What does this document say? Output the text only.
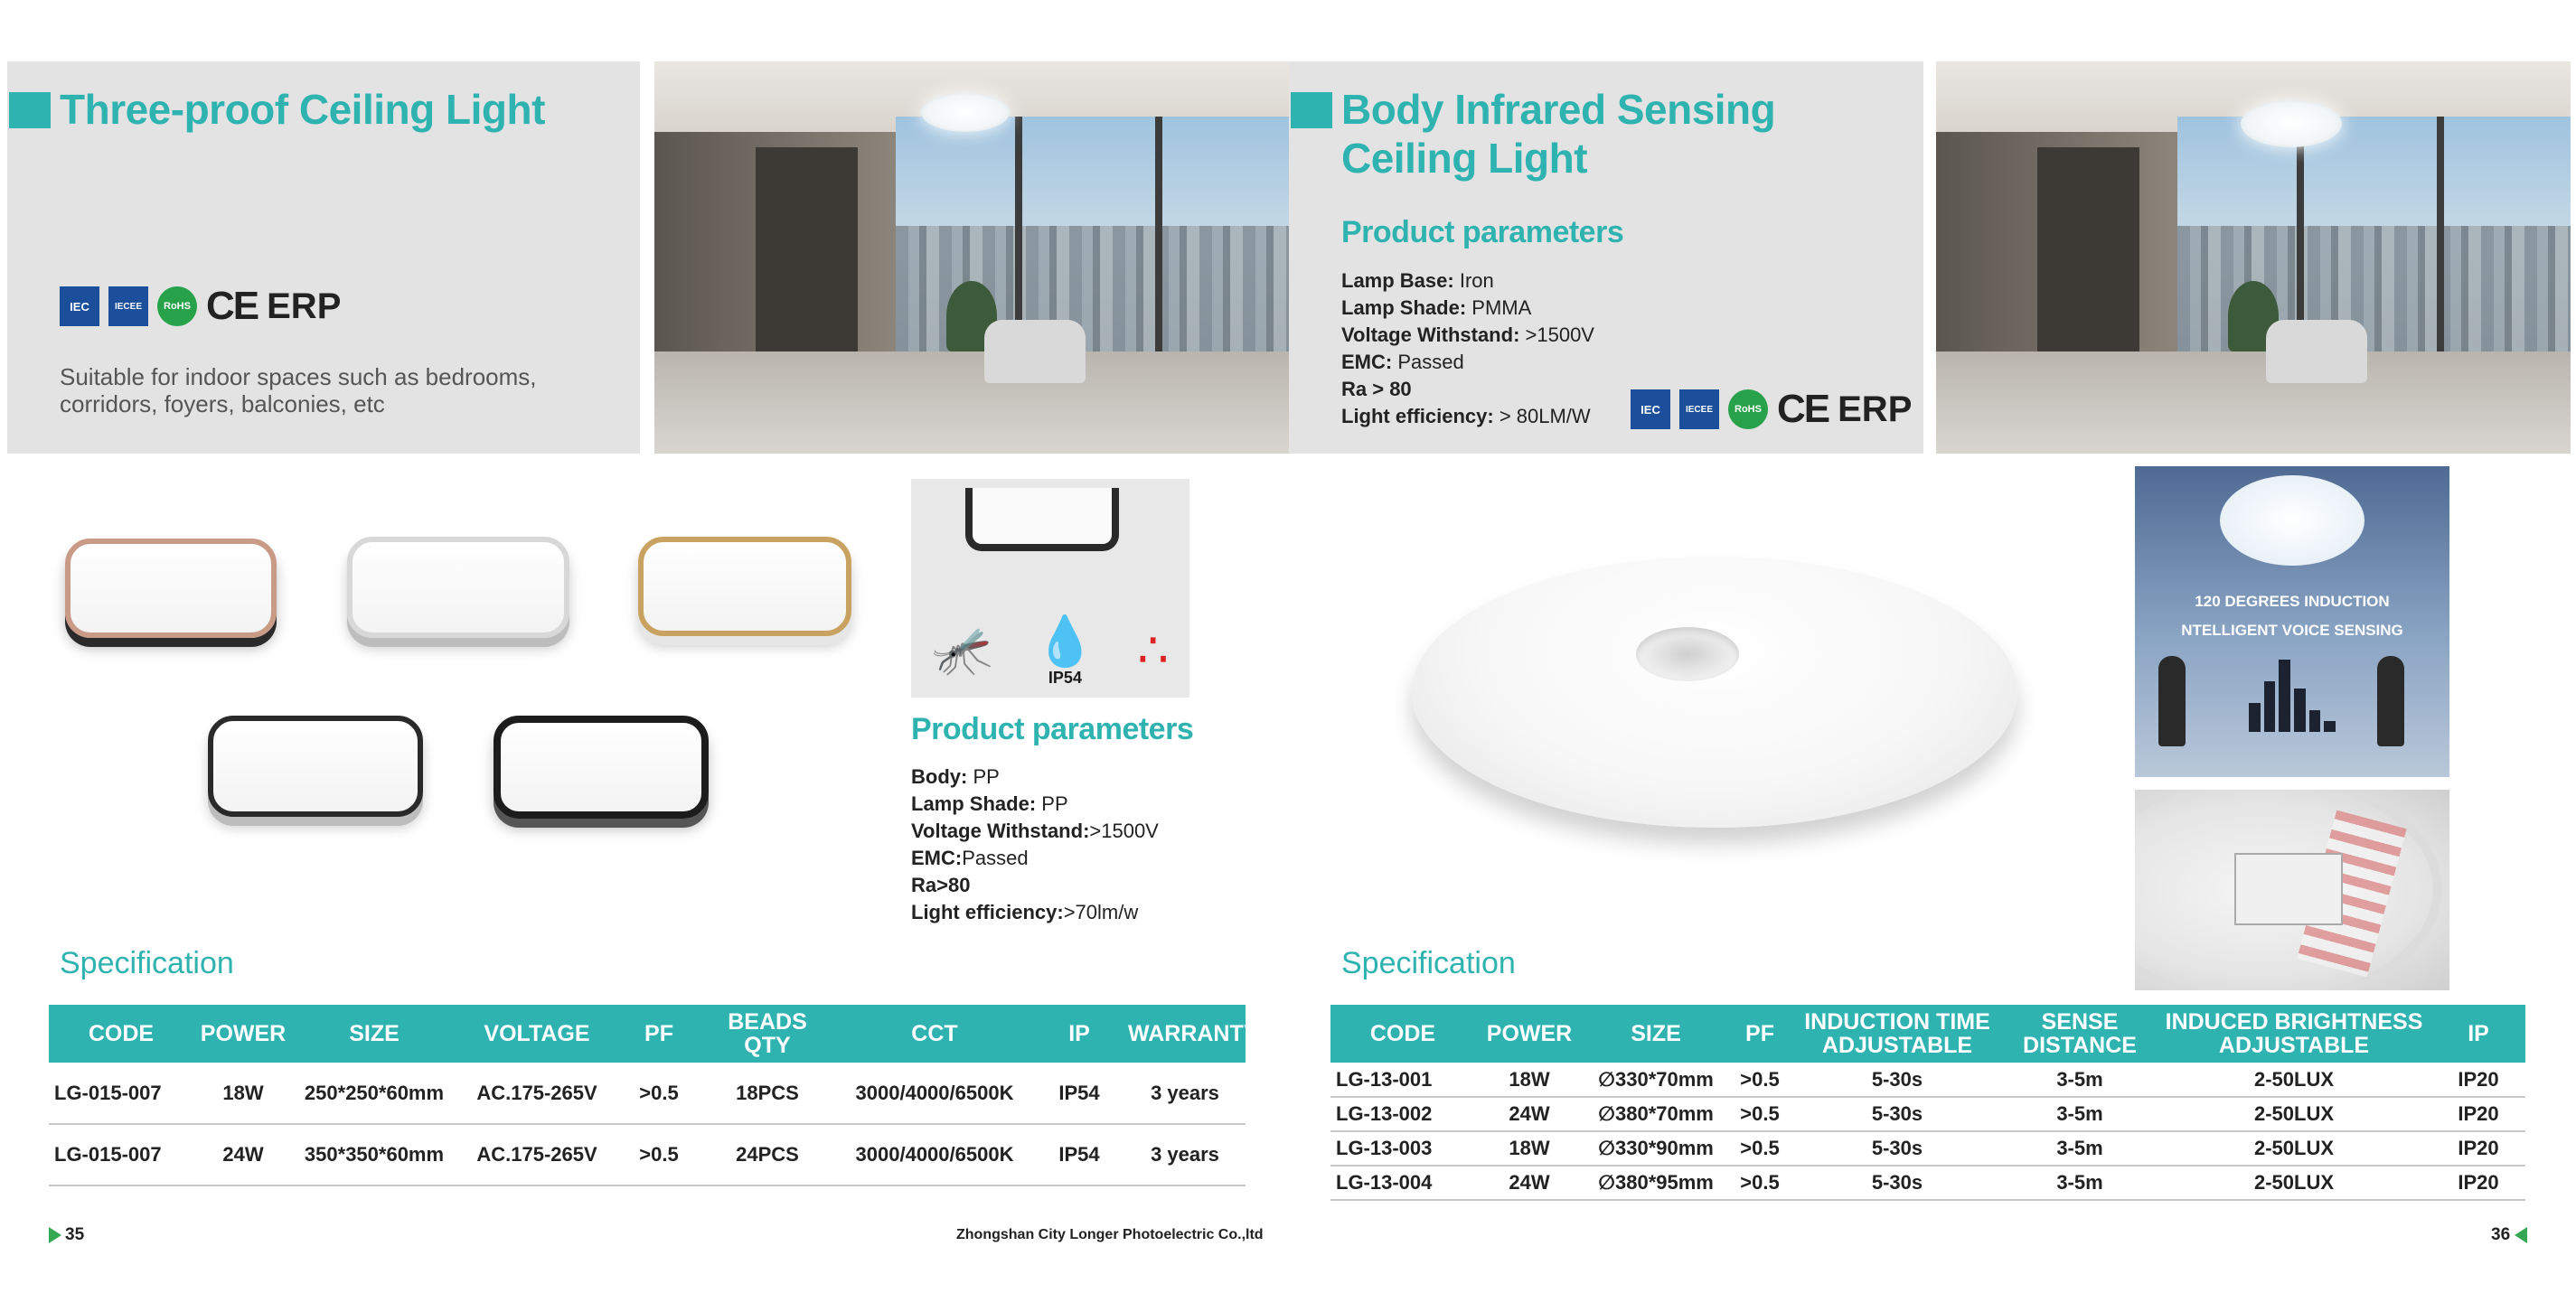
Three-proof Ceiling Light
IEC	IECEE	RoHS CE ERP
Suitable for indoor spaces such as bedrooms,
corridors, foyers, balconies, etc
🦟 💧
IP54 ∴
Product parameters
Body: PP
Lamp Shade: PP
Voltage Withstand:>1500V
EMC:Passed
Ra>80
Light efficiency:>70lm/w
Specification
CODE	POWER	SIZE	VOLTAGE	PF	BEADS QTY	CCT	IP	WARRANTY
LG-015-007	18W	250*250*60mm	AC.175-265V	>0.5	18PCS	3000/4000/6500K	IP54	3 years
LG-015-007	24W	350*350*60mm	AC.175-265V	>0.5	24PCS	3000/4000/6500K	IP54	3 years
35	Zhongshan City Longer Photoelectric Co.,ltd
Body Infrared Sensing
Ceiling Light
Product parameters
Lamp Base: Iron
Lamp Shade: PMMA
Voltage Withstand: >1500V
EMC: Passed
Ra > 80
Light efficiency: > 80LM/W	IEC	IECEE	RoHS CE ERP
120 DEGREES INDUCTION
NTELLIGENT VOICE SENSING
Specification
CODE	POWER	SIZE	PF	INDUCTION TIME ADJUSTABLE	SENSE DISTANCE	INDUCED BRIGHTNESS ADJUSTABLE	IP
LG-13-001	18W	∅330*70mm	>0.5	5-30s	3-5m	2-50LUX	IP20
LG-13-002	24W	∅380*70mm	>0.5	5-30s	3-5m	2-50LUX	IP20
LG-13-003	18W	∅330*90mm	>0.5	5-30s	3-5m	2-50LUX	IP20
LG-13-004	24W	∅380*95mm	>0.5	5-30s	3-5m	2-50LUX	IP20
36
